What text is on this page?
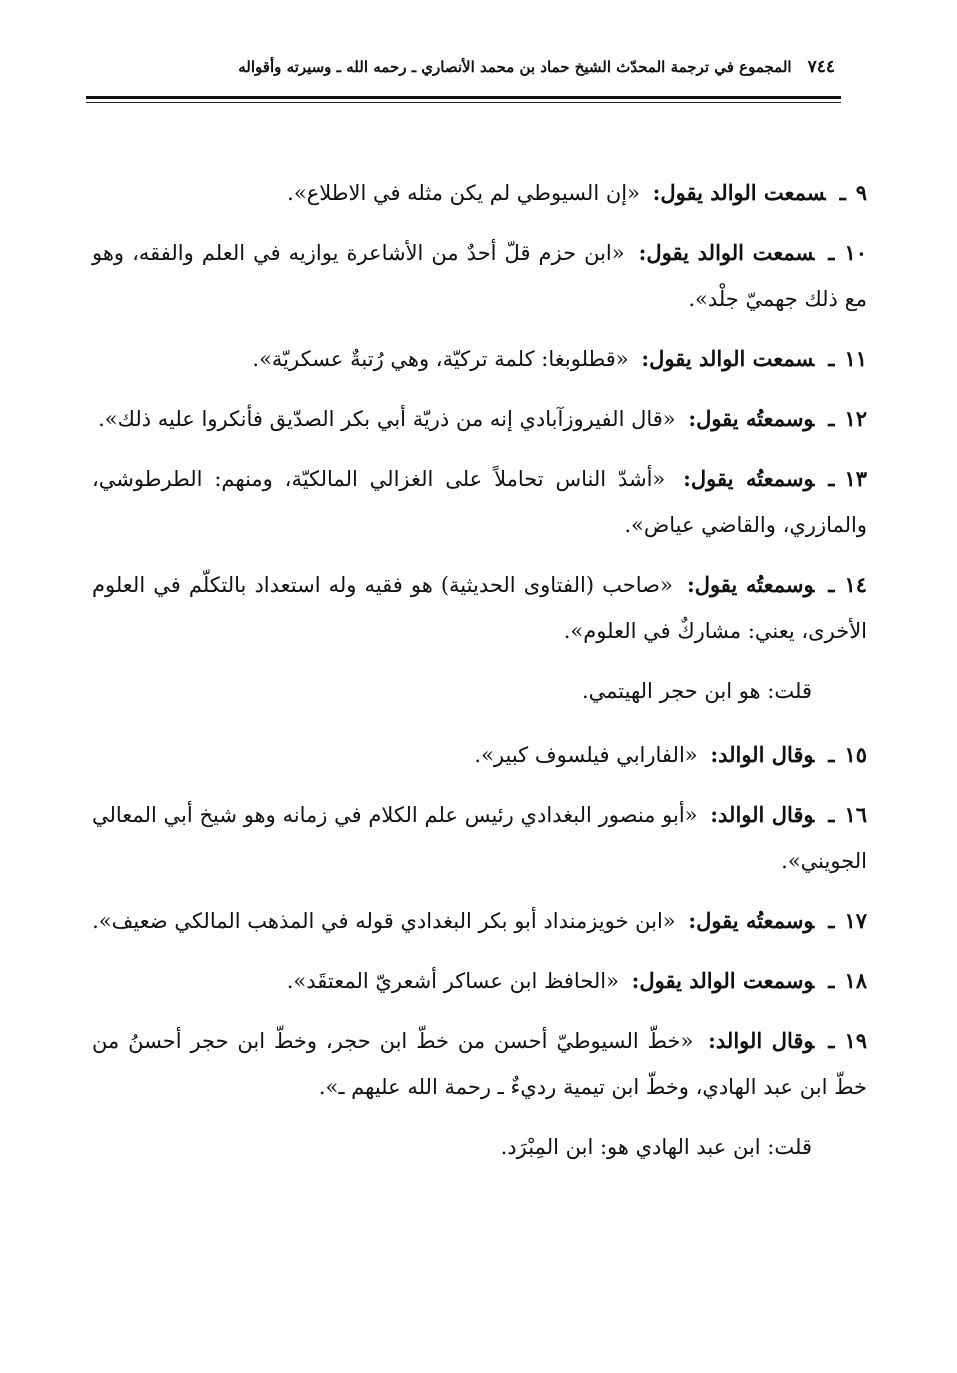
٧٤٤
المجموع في ترجمة المحدّث الشيخ حماد بن محمد الأنصاري ـ رحمه الله ـ وسيرته وأقواله

٩ـسمعت الوالد يقول: «إن السيوطي لم يكن مثله في الاطلاع».

١٠ـسمعت الوالد يقول: «ابن حزم قلّ أحدٌ من الأشاعرة يوازيه في العلم والفقه، وهو مع ذلك جهميّ جلْد».

١١ـسمعت الوالد يقول: «قطلوبغا: كلمة تركيّة، وهي رُتبةٌ عسكريّة».

١٢ـوسمعتُه يقول: «قال الفيروزآبادي إنه من ذريّة أبي بكر الصدّيق فأنكروا عليه ذلك».

١٣ـوسمعتُه يقول: «أشدّ الناس تحاملاً على الغزالي المالكيّة، ومنهم: الطرطوشي، والمازري، والقاضي عياض».

١٤ـوسمعتُه يقول: «صاحب (الفتاوى الحديثية) هو فقيه وله استعداد بالتكلّم في العلوم الأخرى، يعني: مشاركٌ في العلوم».

قلت: هو ابن حجر الهيتمي.

١٥ـوقال الوالد: «الفارابي فيلسوف كبير».

١٦ـوقال الوالد: «أبو منصور البغدادي رئيس علم الكلام في زمانه وهو شيخ أبي المعالي الجويني».

١٧ـوسمعتُه يقول: «ابن خويزمنداد أبو بكر البغدادي قوله في المذهب المالكي ضعيف».

١٨ـوسمعت الوالد يقول: «الحافظ ابن عساكر أشعريّ المعتقَد».

١٩ـوقال الوالد: «خطّ السيوطيّ أحسن من خطّ ابن حجر، وخطّ ابن حجر أحسنُ من خطّ ابن عبد الهادي، وخطّ ابن تيمية رديءٌ ـ رحمة الله عليهم ـ».

قلت: ابن عبد الهادي هو: ابن المِبْرَد.
